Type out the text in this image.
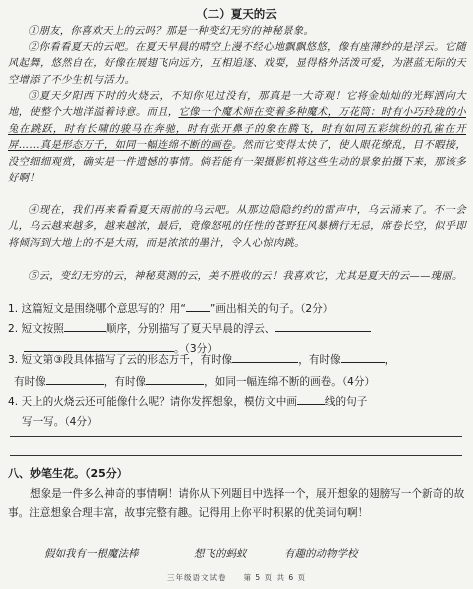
（二）夏天的云
①朋友，你喜欢天上的云吗？那是一种变幻无穷的神秘景象。
②你看看夏天的云吧。在夏天早晨的晴空上漫不经心地飘飘悠悠，像有座薄纱的是浮云。它随风起舞，悠然自在，好像在展翅飞向远方，互相追逐、戏耍，显得格外活泼可爱，为湛蓝无际的天空增添了不少生机与活力。
③夏天夕阳西下时的火烧云，不知你见过没有，那真是一大奇观！它将金灿灿的光辉洒向大地，使整个大地洋溢着诗意。而且，它像一个魔术师在变着多种魔术，万花筒：时有小巧玲珑的小兔在跳跃，时有长啸的骏马在奔驰，时有张开鼻子的象在腾飞，时有如同五彩缤纷的孔雀在开屏……真是形态万千，如同一幅连绵不断的画卷。然而它变得太快了，使人眼花缭乱，目不暇接，没空细细观赏，确实是一件遗憾的事情。倘若能有一架摄影机将这些生动的景象拍摄下来，那该多好啊！
④现在，我们再来看看夏天雨前的乌云吧。从那边隐隐约约的雷声中，乌云涌来了。不一会儿，乌云越来越多，越来越浓，最后，竟像怒吼的任性的苍野狂风暴横行无忌，席卷长空，似乎即将倾泻到大地上的不是大雨，而是浓浓的墨汁，令人心惊肉跳。
⑤云，变幻无穷的云，神秘莫测的云，美不胜收的云！我喜欢它，尤其是夏天的云——瑰丽。
1. 这篇短文是围绕哪个意思写的？用“ ”画出相关的句子。（2分）
2. 短文按照	顺序，分别描写了夏天早晨的浮云、
。（3分）
3. 短文第③段具体描写了云的形态万千，有时像	，有时像	，
有时像	，有时像	，如同一幅连绵不断的画卷。（4分）
4. 天上的火烧云还可能像什么呢？请你发挥想象，模仿文中画	线的句子
写一写。（4分）
八、妙笔生花。（25分）
想象是一件多么神奇的事情啊！请你从下列题目中选择一个，展开想象的翅膀写一个新奇的故事。注意想象合理丰富，故事完整有趣。记得用上你平时积累的优美词句啊！
假如我有一根魔法棒	想飞的蚂蚁	有趣的动物学校
三年级语文试卷　　第 5 页 共 6 页
